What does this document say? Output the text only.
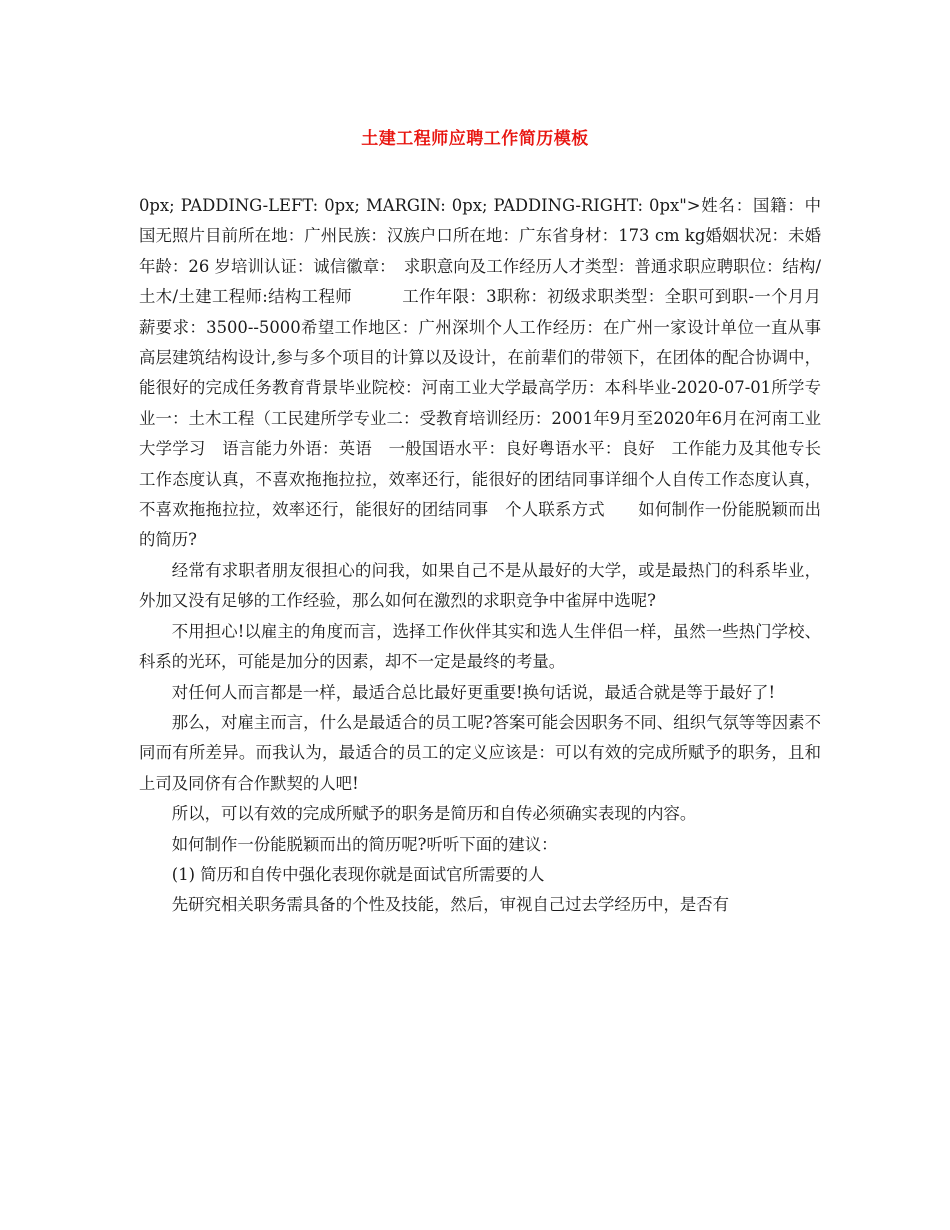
土建工程师应聘工作简历模板

0px; PADDING-LEFT: 0px; MARGIN: 0px; PADDING-RIGHT: 0px">姓名：国籍：中国无照片目前所在地：广州民族：汉族户口所在地：广东省身材：173 cm kg婚姻状况：未婚年龄：26 岁培训认证：诚信徽章：　求职意向及工作经历人才类型：普通求职应聘职位：结构/土木/土建工程师:结构工程师　　　工作年限：3职称：初级求职类型：全职可到职-一个月月薪要求：3500--5000希望工作地区：广州深圳个人工作经历：在广州一家设计单位一直从事高层建筑结构设计,参与多个项目的计算以及设计，在前辈们的带领下，在团体的配合协调中，能很好的完成任务教育背景毕业院校：河南工业大学最高学历：本科毕业-2020-07-01所学专业一：土木工程（工民建所学专业二：受教育培训经历：2001年9月至2020年6月在河南工业大学学习　语言能力外语：英语　一般国语水平：良好粤语水平：良好　工作能力及其他专长工作态度认真，不喜欢拖拖拉拉，效率还行，能很好的团结同事详细个人自传工作态度认真，不喜欢拖拖拉拉，效率还行，能很好的团结同事　个人联系方式　　如何制作一份能脱颖而出的简历?

经常有求职者朋友很担心的问我，如果自己不是从最好的大学，或是最热门的科系毕业，外加又没有足够的工作经验，那么如何在激烈的求职竞争中雀屏中选呢?

不用担心!以雇主的角度而言，选择工作伙伴其实和选人生伴侣一样，虽然一些热门学校、科系的光环，可能是加分的因素，却不一定是最终的考量。

对任何人而言都是一样，最适合总比最好更重要!换句话说，最适合就是等于最好了!

那么，对雇主而言，什么是最适合的员工呢?答案可能会因职务不同、组织气氛等等因素不同而有所差异。而我认为，最适合的员工的定义应该是：可以有效的完成所赋予的职务，且和上司及同侪有合作默契的人吧!

所以，可以有效的完成所赋予的职务是简历和自传必须确实表现的内容。

如何制作一份能脱颖而出的简历呢?听听下面的建议：

(1) 简历和自传中强化表现你就是面试官所需要的人

先研究相关职务需具备的个性及技能，然后，审视自己过去学经历中，是否有
